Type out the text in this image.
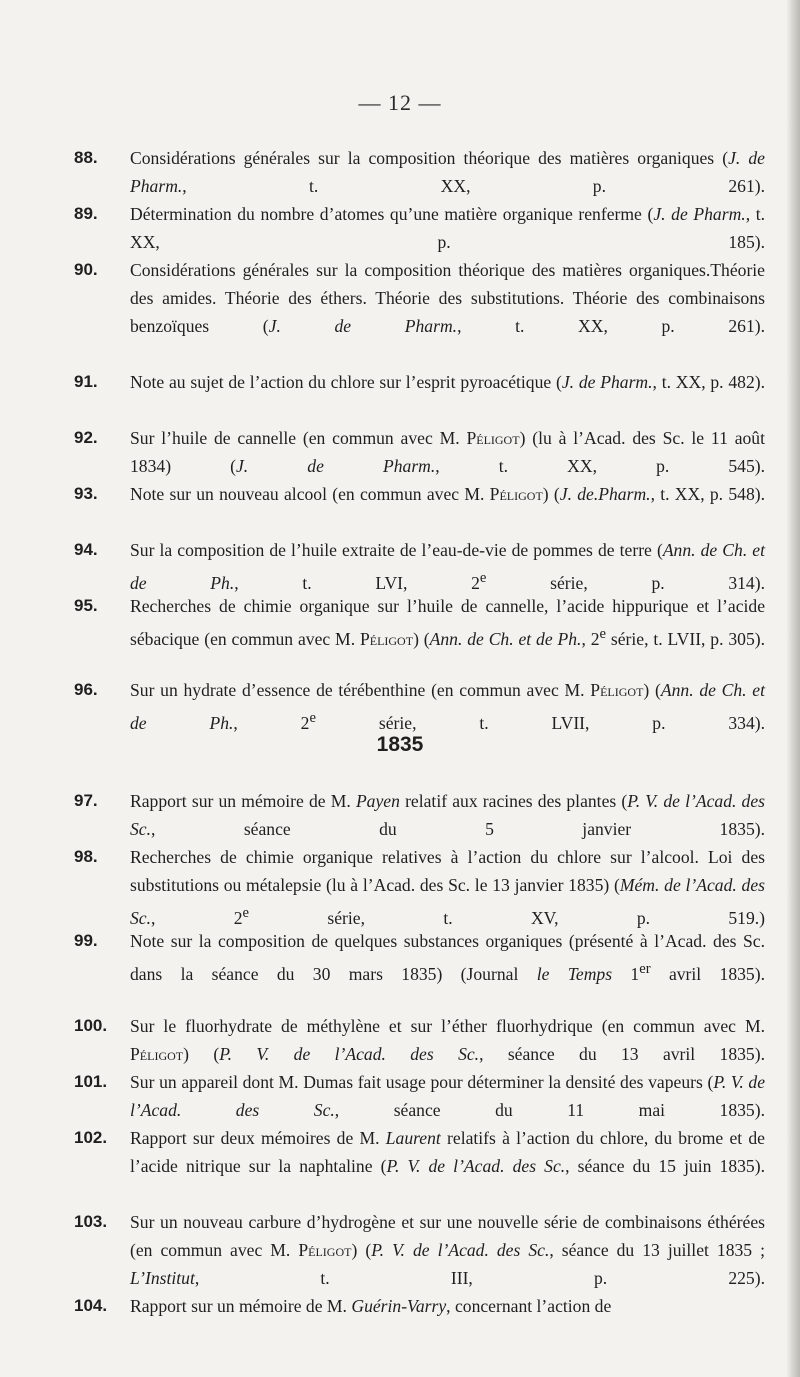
— 12 —
88. Considérations générales sur la composition théorique des matières organiques (J. de Pharm., t. XX, p. 261).
89. Détermination du nombre d’atomes qu’une matière organique renferme (J. de Pharm., t. XX, p. 185).
90. Considérations générales sur la composition théorique des matières organiques.Théorie des amides. Théorie des éthers. Théorie des substitutions. Théorie des combinaisons benzoïques (J. de Pharm., t. XX, p. 261).
91. Note au sujet de l’action du chlore sur l’esprit pyroacétique (J. de Pharm., t. XX, p. 482).
92. Sur l’huile de cannelle (en commun avec M. Péligot) (lu à l’Acad. des Sc. le 11 août 1834) (J. de Pharm., t. XX, p. 545).
93. Note sur un nouveau alcool (en commun avec M. Péligot) (J. de.Pharm., t. XX, p. 548).
94. Sur la composition de l’huile extraite de l’eau-de-vie de pommes de terre (Ann. de Ch. et de Ph., t. LVI, 2e série, p. 314).
95. Recherches de chimie organique sur l’huile de cannelle, l’acide hippurique et l’acide sébacique (en commun avec M. Péligot) (Ann. de Ch. et de Ph., 2e série, t. LVII, p. 305).
96. Sur un hydrate d’essence de térébenthine (en commun avec M. Péligot) (Ann. de Ch. et de Ph., 2e série, t. LVII, p. 334).
1835
97. Rapport sur un mémoire de M. Payen relatif aux racines des plantes (P. V. de l’Acad. des Sc., séance du 5 janvier 1835).
98. Recherches de chimie organique relatives à l’action du chlore sur l’alcool. Loi des substitutions ou métalepsie (lu à l’Acad. des Sc. le 13 janvier 1835) (Mém. de l’Acad. des Sc., 2e série, t. XV, p. 519.)
99. Note sur la composition de quelques substances organiques (présenté à l’Acad. des Sc. dans la séance du 30 mars 1835) (Journal le Temps 1er avril 1835).
100. Sur le fluorhydrate de méthylène et sur l’éther fluorhydrique (en commun avec M. Péligot) (P. V. de l’Acad. des Sc., séance du 13 avril 1835).
101. Sur un appareil dont M. Dumas fait usage pour déterminer la densité des vapeurs (P. V. de l’Acad. des Sc., séance du 11 mai 1835).
102. Rapport sur deux mémoires de M. Laurent relatifs à l’action du chlore, du brome et de l’acide nitrique sur la naphtaline (P. V. de l’Acad. des Sc., séance du 15 juin 1835).
103. Sur un nouveau carbure d’hydrogène et sur une nouvelle série de combinaisons éthérées (en commun avec M. Péligot) (P. V. de l’Acad. des Sc., séance du 13 juillet 1835 ; L’Institut, t. III, p. 225).
104. Rapport sur un mémoire de M. Guérin-Varry, concernant l’action de
